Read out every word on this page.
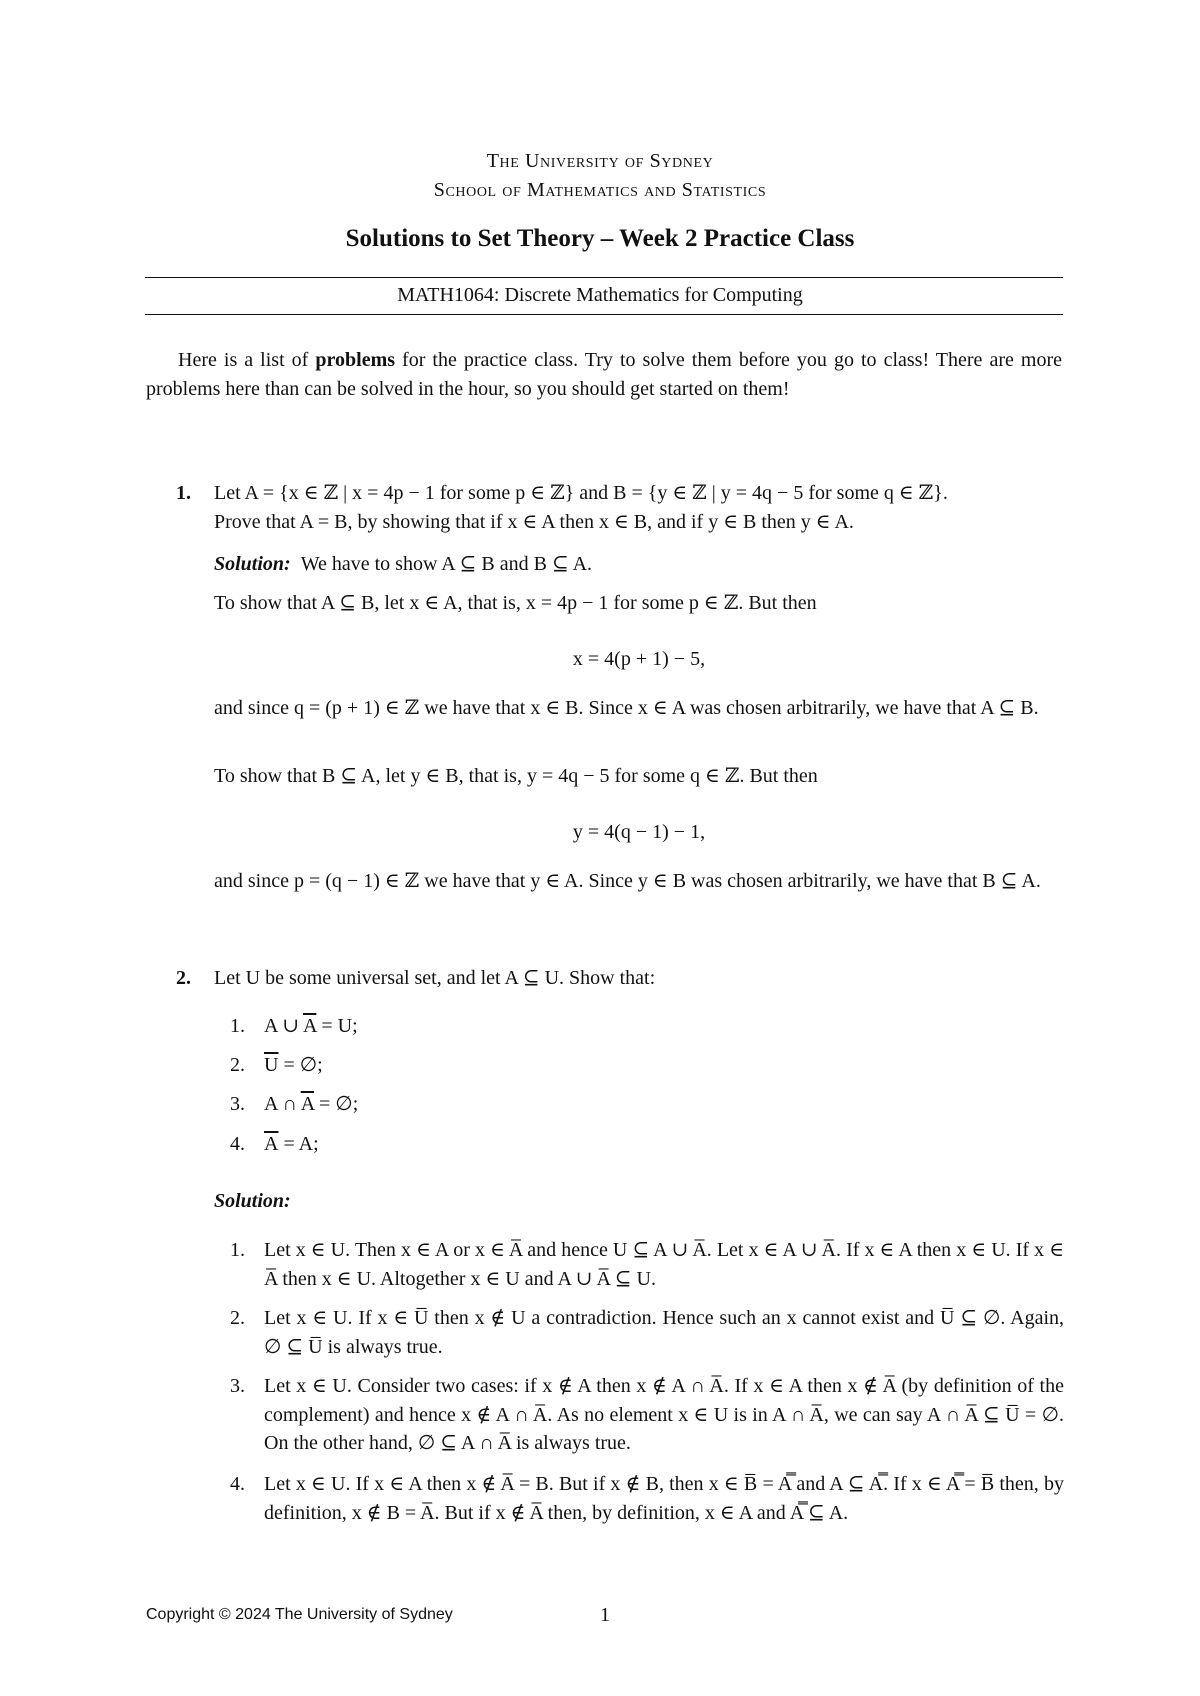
The University of Sydney
School of Mathematics and Statistics
Solutions to Set Theory – Week 2 Practice Class
MATH1064: Discrete Mathematics for Computing
Here is a list of problems for the practice class. Try to solve them before you go to class! There are more problems here than can be solved in the hour, so you should get started on them!
1. Let A = {x ∈ ℤ | x = 4p − 1 for some p ∈ ℤ} and B = {y ∈ ℤ | y = 4q − 5 for some q ∈ ℤ}.
Prove that A = B, by showing that if x ∈ A then x ∈ B, and if y ∈ B then y ∈ A.
Solution: We have to show A ⊆ B and B ⊆ A.
To show that A ⊆ B, let x ∈ A, that is, x = 4p − 1 for some p ∈ ℤ. But then
x = 4(p + 1) − 5,
and since q = (p + 1) ∈ ℤ we have that x ∈ B. Since x ∈ A was chosen arbitrarily, we have that A ⊆ B.
To show that B ⊆ A, let y ∈ B, that is, y = 4q − 5 for some q ∈ ℤ. But then
y = 4(q − 1) − 1,
and since p = (q − 1) ∈ ℤ we have that y ∈ A. Since y ∈ B was chosen arbitrarily, we have that B ⊆ A.
2. Let U be some universal set, and let A ⊆ U. Show that:
1. A ∪ $\overline{A} = U$;
2. $\overline{U}$ = ∅;
3. A ∩ $\overline{A}$ = ∅;
4. $\overline{A} = A$;
Solution:
1. Let x ∈ U. Then x ∈ A or x ∈ A̅ and hence U ⊆ A ∪ A̅. Let x ∈ A ∪ A̅. If x ∈ A then x ∈ U. If x ∈ A̅ then x ∈ U. Altogether x ∈ U and A ∪ A̅ ⊆ U.
2. Let x ∈ U. If x ∈ U̅ then x ∉ U a contradiction. Hence such an x cannot exist and U̅ ⊆ ∅. Again, ∅ ⊆ U̅ is always true.
3. Let x ∈ U. Consider two cases: if x ∉ A then x ∉ A ∩ A̅. If x ∈ A then x ∉ A̅ (by definition of the complement) and hence x ∉ A ∩ A̅. As no element x ∈ U is in A ∩ A̅, we can say A ∩ A̅ ⊆ U̅ = ∅. On the other hand, ∅ ⊆ A ∩ A̅ is always true.
4. Let x ∈ U. If x ∈ A then x ∉ A̅ = B. But if x ∉ B, then x ∈ B̅ = A̿ and A ⊆ A̿. If x ∈ A̿ = B̅ then, by definition, x ∉ B = A̅. But if x ∉ A̅ then, by definition, x ∈ A and A̿ ⊆ A.
Copyright © 2024 The University of Sydney	1
